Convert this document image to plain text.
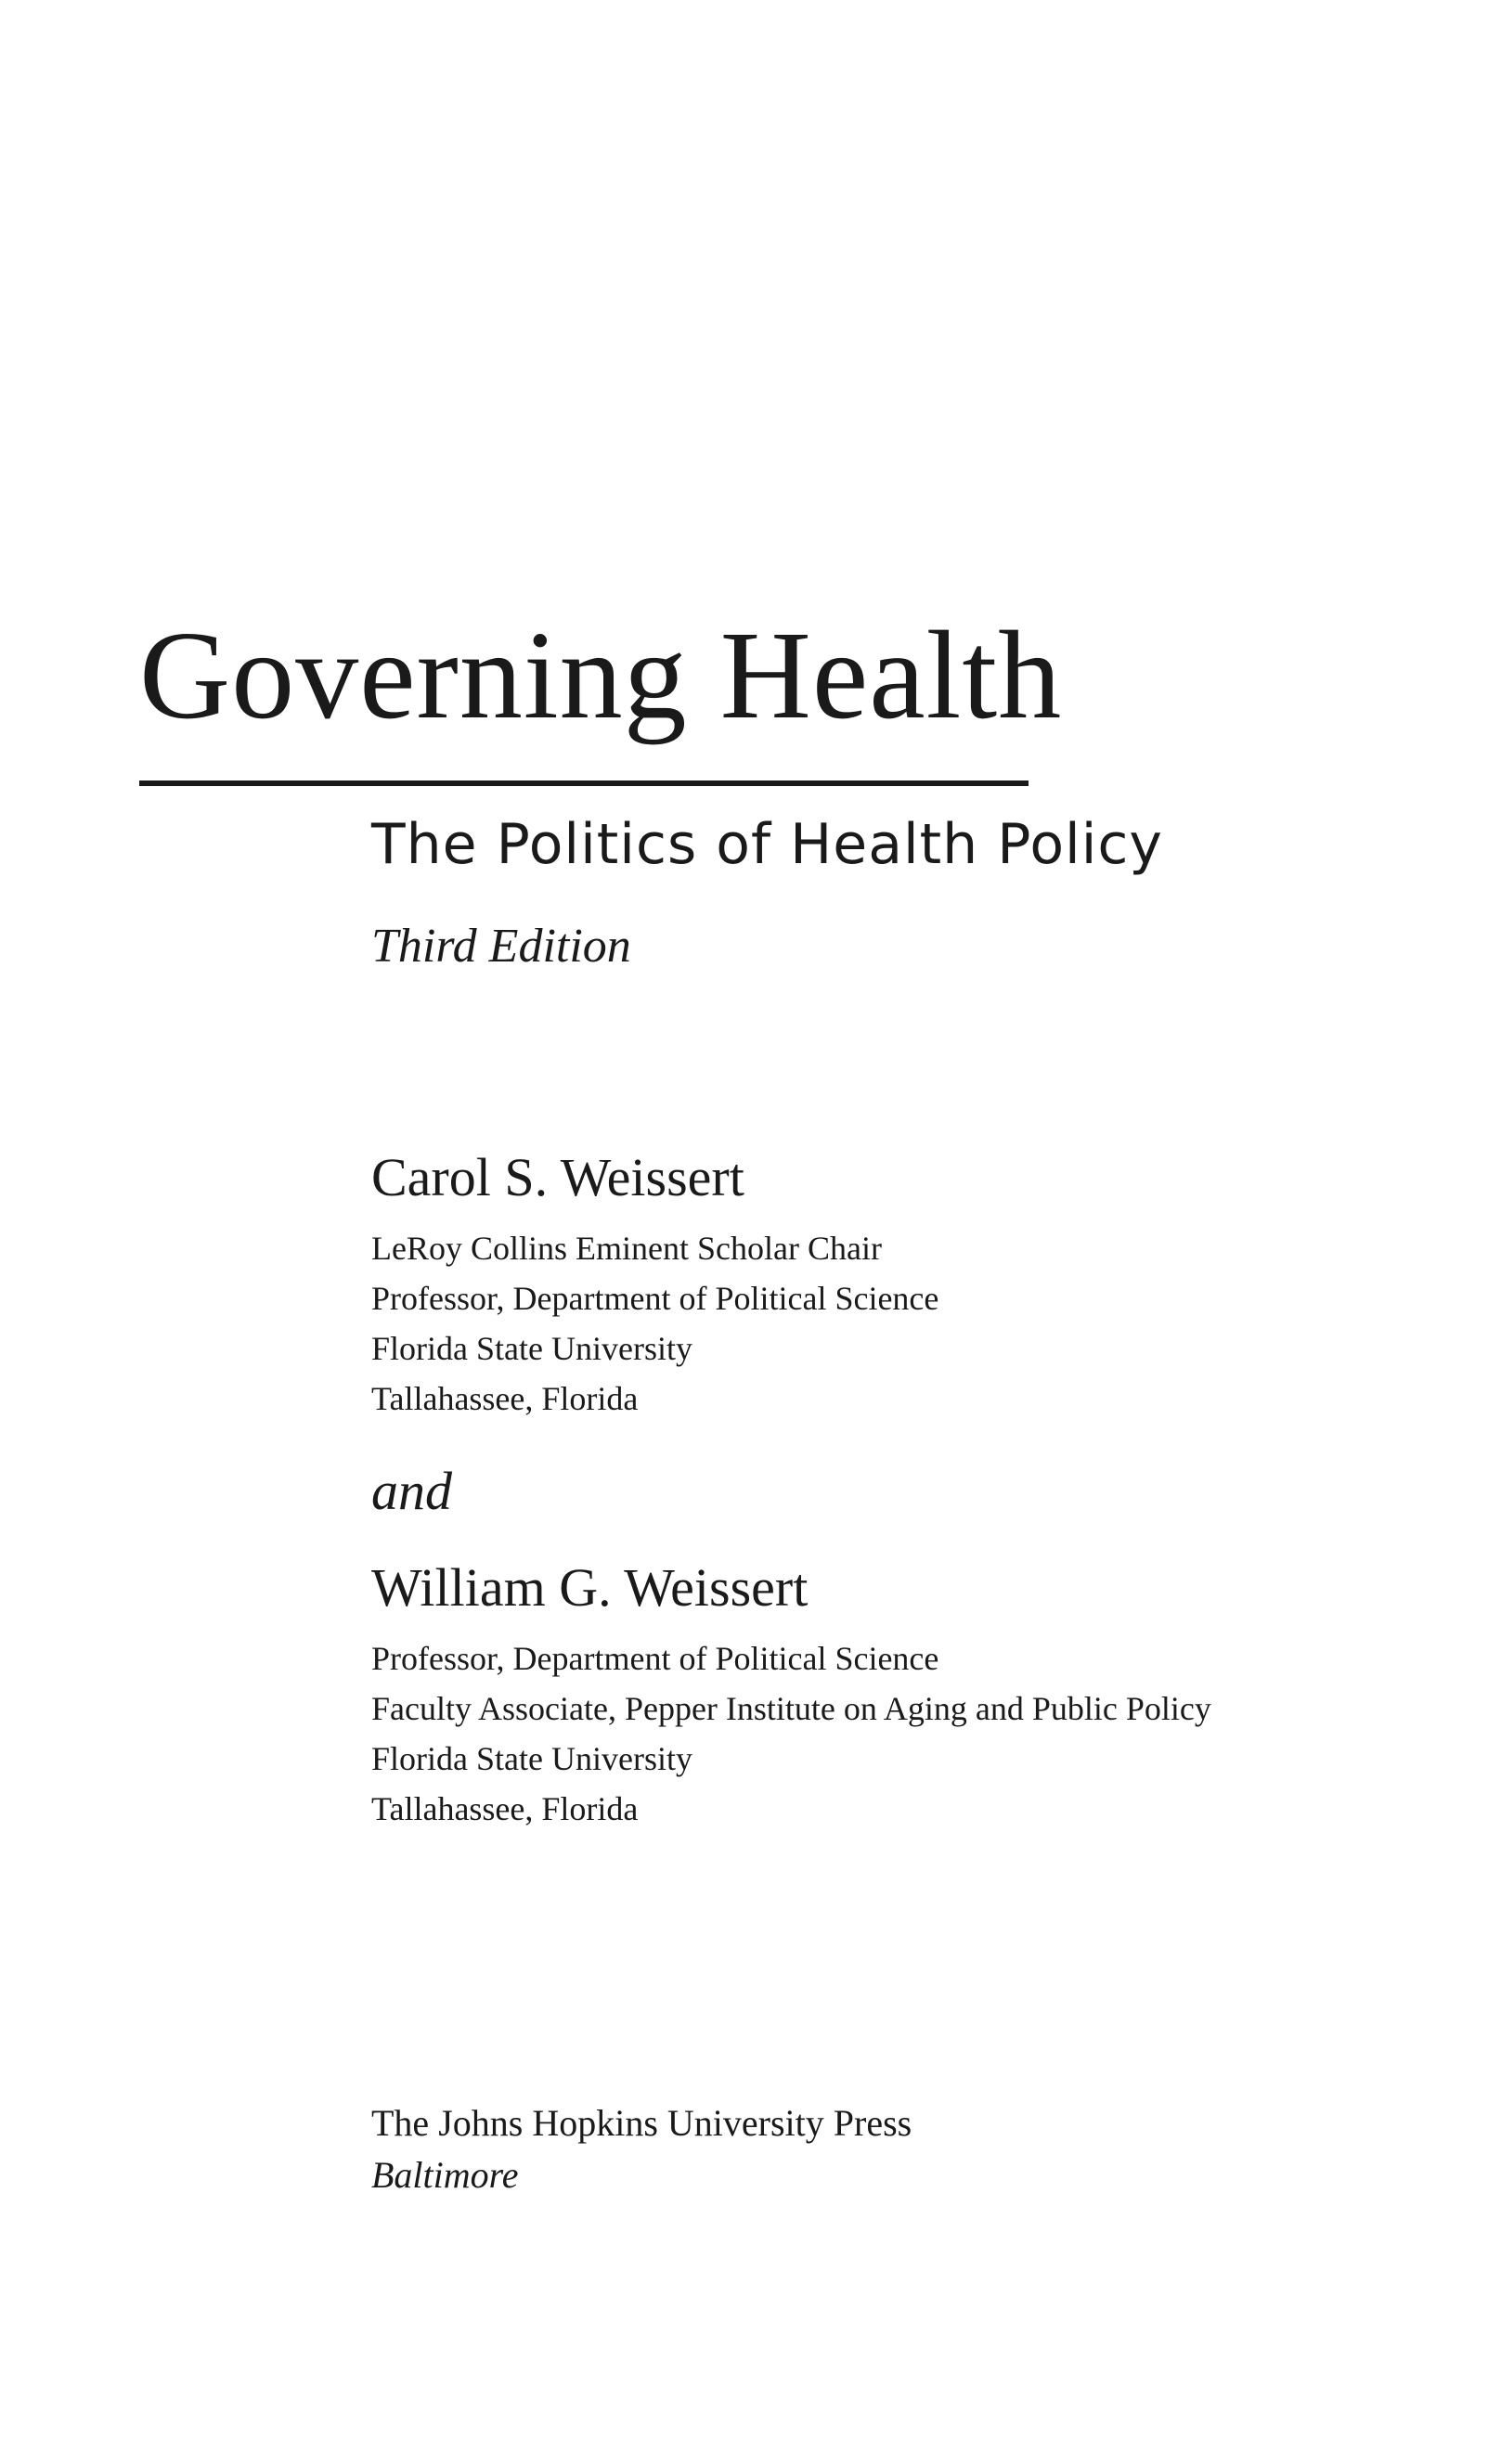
Governing Health
The Politics of Health Policy

Third Edition

Carol S. Weissert
LeRoy Collins Eminent Scholar Chair
Professor, Department of Political Science
Florida State University
Tallahassee, Florida

and

William G. Weissert
Professor, Department of Political Science
Faculty Associate, Pepper Institute on Aging and Public Policy
Florida State University
Tallahassee, Florida
The Johns Hopkins University Press
Baltimore
